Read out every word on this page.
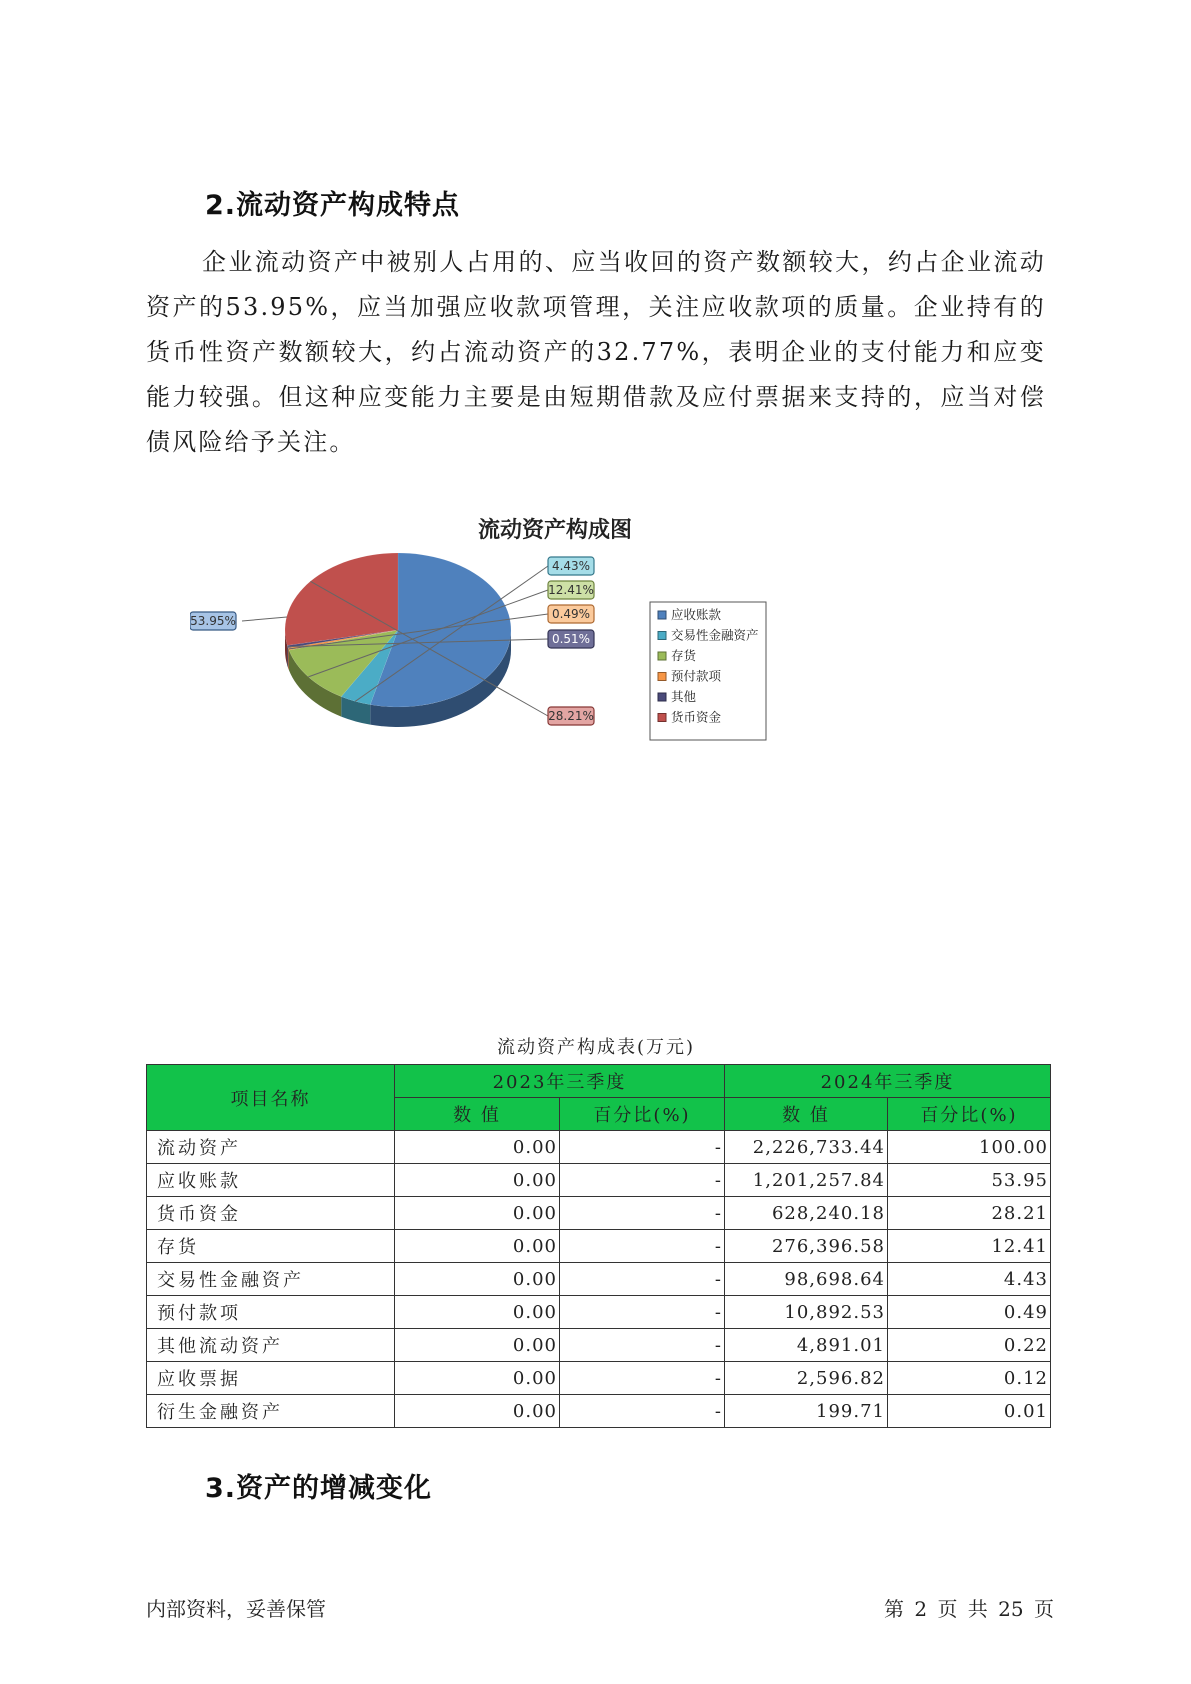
2.流动资产构成特点

企业流动资产中被别人占用的、应当收回的资产数额较大，约占企业流动资产的53.95%，应当加强应收款项管理，关注应收款项的质量。企业持有的货币性资产数额较大，约占流动资产的32.77%，表明企业的支付能力和应变能力较强。但这种应变能力主要是由短期借款及应付票据来支持的，应当对偿债风险给予关注。

流动资产构成图
53.95%
4.43%
12.41%
0.49%
0.51%
28.21%
应收账款
交易性金融资产
存货
预付款项
其他
货币资金
流动资产构成表(万元)
项目名称	2023年三季度		2024年三季度	
	数 值	百分比(%)	数 值	百分比(%)
流动资产	0.00	-	2,226,733.44	100.00
应收账款	0.00	-	1,201,257.84	53.95
货币资金	0.00	-	628,240.18	28.21
存货	0.00	-	276,396.58	12.41
交易性金融资产	0.00	-	98,698.64	4.43
预付款项	0.00	-	10,892.53	0.49
其他流动资产	0.00	-	4,891.01	0.22
应收票据	0.00	-	2,596.82	0.12
衍生金融资产	0.00	-	199.71	0.01
3.资产的增减变化
内部资料，妥善保管	第 2 页 共 25 页
